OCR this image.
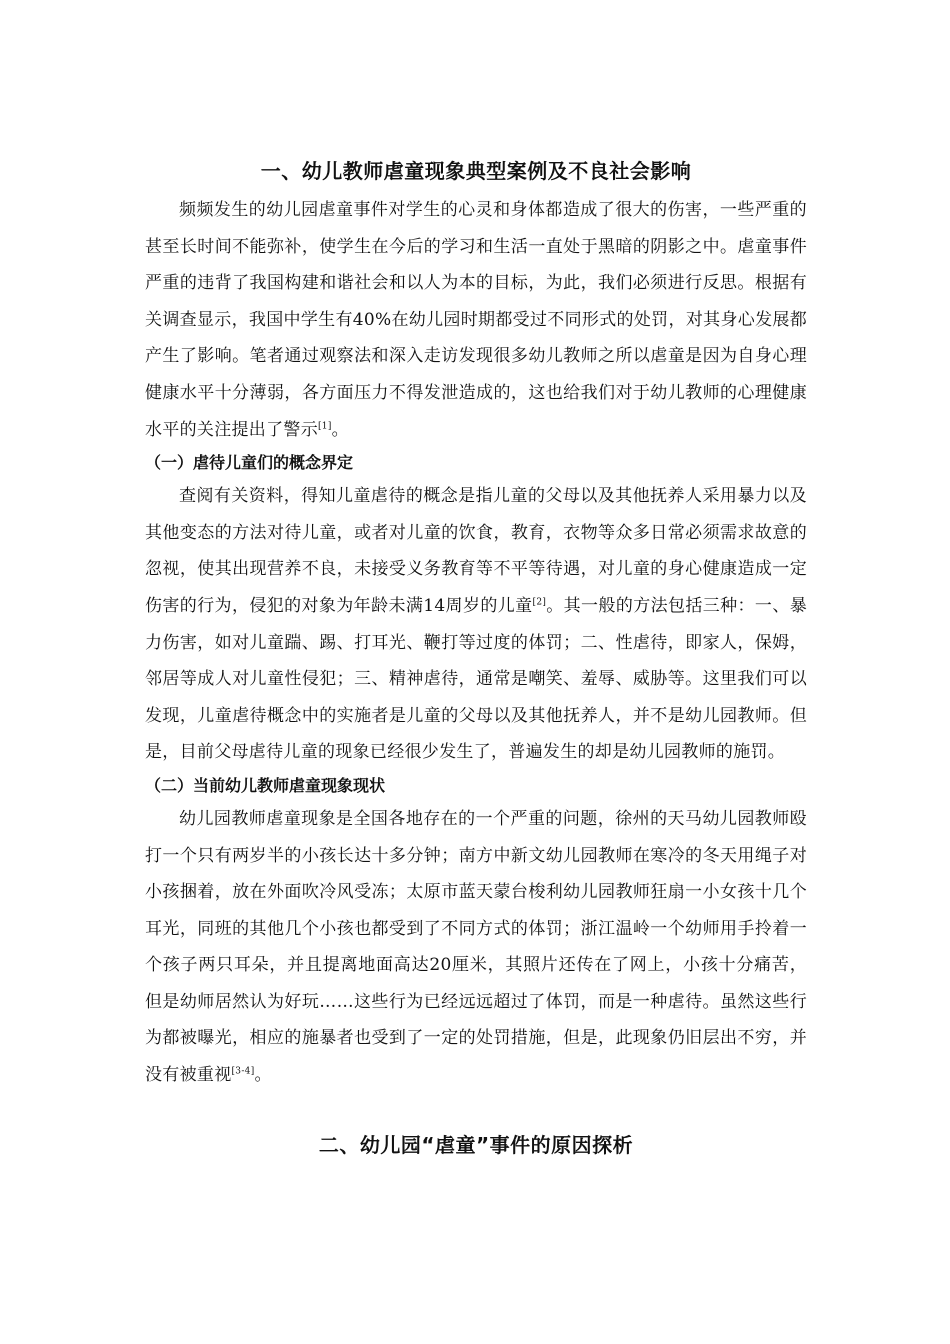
一、幼儿教师虐童现象典型案例及不良社会影响

频频发生的幼儿园虐童事件对学生的心灵和身体都造成了很大的伤害，一些严重的甚至长时间不能弥补，使学生在今后的学习和生活一直处于黑暗的阴影之中。虐童事件严重的违背了我国构建和谐社会和以人为本的目标，为此，我们必须进行反思。根据有关调查显示，我国中学生有40%在幼儿园时期都受过不同形式的处罚，对其身心发展都产生了影响。笔者通过观察法和深入走访发现很多幼儿教师之所以虐童是因为自身心理健康水平十分薄弱，各方面压力不得发泄造成的，这也给我们对于幼儿教师的心理健康水平的关注提出了警示[1]。

（一）虐待儿童们的概念界定

查阅有关资料，得知儿童虐待的概念是指儿童的父母以及其他抚养人采用暴力以及其他变态的方法对待儿童，或者对儿童的饮食，教育，衣物等众多日常必须需求故意的忽视，使其出现营养不良，未接受义务教育等不平等待遇，对儿童的身心健康造成一定伤害的行为，侵犯的对象为年龄未满14周岁的儿童[2]。其一般的方法包括三种：一、暴力伤害，如对儿童踹、踢、打耳光、鞭打等过度的体罚；二、性虐待，即家人，保姆，邻居等成人对儿童性侵犯；三、精神虐待，通常是嘲笑、羞辱、威胁等。这里我们可以发现，儿童虐待概念中的实施者是儿童的父母以及其他抚养人，并不是幼儿园教师。但是，目前父母虐待儿童的现象已经很少发生了，普遍发生的却是幼儿园教师的施罚。

（二）当前幼儿教师虐童现象现状

幼儿园教师虐童现象是全国各地存在的一个严重的问题，徐州的天马幼儿园教师殴打一个只有两岁半的小孩长达十多分钟；南方中新文幼儿园教师在寒冷的冬天用绳子对小孩捆着，放在外面吹冷风受冻；太原市蓝天蒙台梭利幼儿园教师狂扇一小女孩十几个耳光，同班的其他几个小孩也都受到了不同方式的体罚；浙江温岭一个幼师用手拎着一个孩子两只耳朵，并且提离地面高达20厘米，其照片还传在了网上，小孩十分痛苦，但是幼师居然认为好玩……这些行为已经远远超过了体罚，而是一种虐待。虽然这些行为都被曝光，相应的施暴者也受到了一定的处罚措施，但是，此现象仍旧层出不穷，并没有被重视[3-4]。

二、幼儿园“虐童”事件的原因探析
